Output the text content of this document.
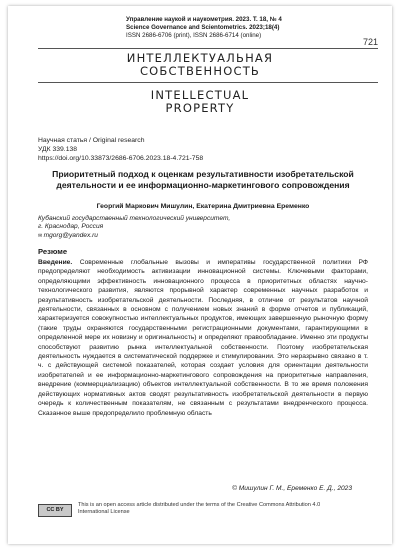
Управление наукой и наукометрия. 2023. Т. 18, № 4
Science Governance and Scientometrics. 2023;18(4)
ISSN 2686-6706 (print), ISSN 2686-6714 (online)
721
ИНТЕЛЛЕКТУАЛЬНАЯ
СОБСТВЕННОСТЬ
INTELLECTUAL
PROPERTY
Научная статья / Original research
УДК 339.138
https://doi.org/10.33873/2686-6706.2023.18-4.721-758
Приоритетный подход к оценкам результативности изобретательской деятельности и ее информационно-маркетингового сопровождения
Георгий Маркович Мишулин, Екатерина Дмитриевна Еременко
Кубанский государственный технологический университет,
г. Краснодар, Россия
✉ mgorg@yandex.ru
Резюме
Введение. Современные глобальные вызовы и императивы государственной политики РФ предопределяют необходимость активизации инновационной системы. Ключевыми факторами, определяющими эффективность инновационного процесса в приоритетных областях научно-технологического развития, являются прорывной характер современных научных разработок и результативность изобретательской деятельности. Последняя, в отличие от результатов научной деятельности, связанных в основном с получением новых знаний в форме отчетов и публикаций, характеризуется совокупностью интеллектуальных продуктов, имеющих завершенную рыночную форму (такие труды охраняются государственными регистрационными документами, гарантирующими в определенной мере их новизну и оригинальность) и определяют правообладание. Именно эти продукты способствуют развитию рынка интеллектуальной собственности. Поэтому изобретательская деятельность нуждается в систематической поддержке и стимулировании. Это неразрывно связано в т. ч. с действующей системой показателей, которая создает условия для ориентации деятельности изобретателей и ее информационно-маркетингового сопровождения на приоритетные направления, внедрение (коммерциализацию) объектов интеллектуальной собственности. В то же время положения действующих нормативных актов сводят результативность изобретательской деятельности в первую очередь к количественным показателям, не связанным с результатами внедренческого процесса. Сказанное выше предопределило проблемную область
© Мишулин Г. М., Еременко Е. Д., 2023
CC BY
This is an open access article distributed under the terms of the Creative Commons Attribution 4.0 International License
